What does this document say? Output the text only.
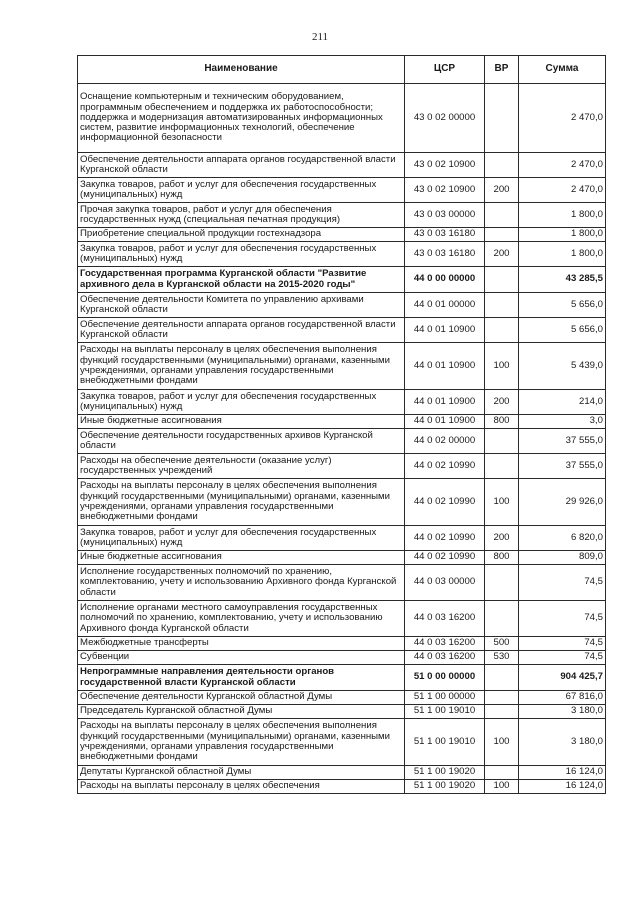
211
Наименование	ЦСР	ВР	Сумма
Оснащение компьютерным и техническим оборудованием, программным обеспечением и поддержка их работоспособности; поддержка и модернизация автоматизированных информационных систем, развитие информационных технологий, обеспечение информационной безопасности	43 0 02 00000		2 470,0
Обеспечение деятельности аппарата органов государственной власти Курганской области	43 0 02 10900		2 470,0
Закупка товаров, работ и услуг для обеспечения государственных (муниципальных) нужд	43 0 02 10900	200	2 470,0
Прочая закупка товаров, работ и услуг для обеспечения государственных нужд (специальная печатная продукция)	43 0 03 00000		1 800,0
Приобретение специальной продукции гостехнадзора	43 0 03 16180		1 800,0
Закупка товаров, работ и услуг для обеспечения государственных (муниципальных) нужд	43 0 03 16180	200	1 800,0
Государственная программа Курганской области "Развитие архивного дела в Курганской области на 2015-2020 годы"	44 0 00 00000		43 285,5
Обеспечение деятельности Комитета по управлению архивами Курганской области	44 0 01 00000		5 656,0
Обеспечение деятельности аппарата органов государственной власти Курганской области	44 0 01 10900		5 656,0
Расходы на выплаты персоналу в целях обеспечения выполнения функций государственными (муниципальными) органами, казенными учреждениями, органами управления государственными внебюджетными фондами	44 0 01 10900	100	5 439,0
Закупка товаров, работ и услуг для обеспечения государственных (муниципальных) нужд	44 0 01 10900	200	214,0
Иные бюджетные ассигнования	44 0 01 10900	800	3,0
Обеспечение деятельности государственных архивов Курганской области	44 0 02 00000		37 555,0
Расходы на обеспечение деятельности (оказание услуг) государственных учреждений	44 0 02 10990		37 555,0
Расходы на выплаты персоналу в целях обеспечения выполнения функций государственными (муниципальными) органами, казенными учреждениями, органами управления государственными внебюджетными фондами	44 0 02 10990	100	29 926,0
Закупка товаров, работ и услуг для обеспечения государственных (муниципальных) нужд	44 0 02 10990	200	6 820,0
Иные бюджетные ассигнования	44 0 02 10990	800	809,0
Исполнение государственных полномочий по хранению, комплектованию, учету и использованию Архивного фонда Курганской области	44 0 03 00000		74,5
Исполнение органами местного самоуправления государственных полномочий по хранению, комплектованию, учету и использованию Архивного фонда Курганской области	44 0 03 16200		74,5
Межбюджетные трансферты	44 0 03 16200	500	74,5
Субвенции	44 0 03 16200	530	74,5
Непрограммные направления деятельности органов государственной власти Курганской области	51 0 00 00000		904 425,7
Обеспечение деятельности Курганской областной Думы	51 1 00 00000		67 816,0
Председатель Курганской областной Думы	51 1 00 19010		3 180,0
Расходы на выплаты персоналу в целях обеспечения выполнения функций государственными (муниципальными) органами, казенными учреждениями, органами управления государственными внебюджетными фондами	51 1 00 19010	100	3 180,0
Депутаты Курганской областной Думы	51 1 00 19020		16 124,0
Расходы на выплаты персоналу в целях обеспечения	51 1 00 19020	100	16 124,0
